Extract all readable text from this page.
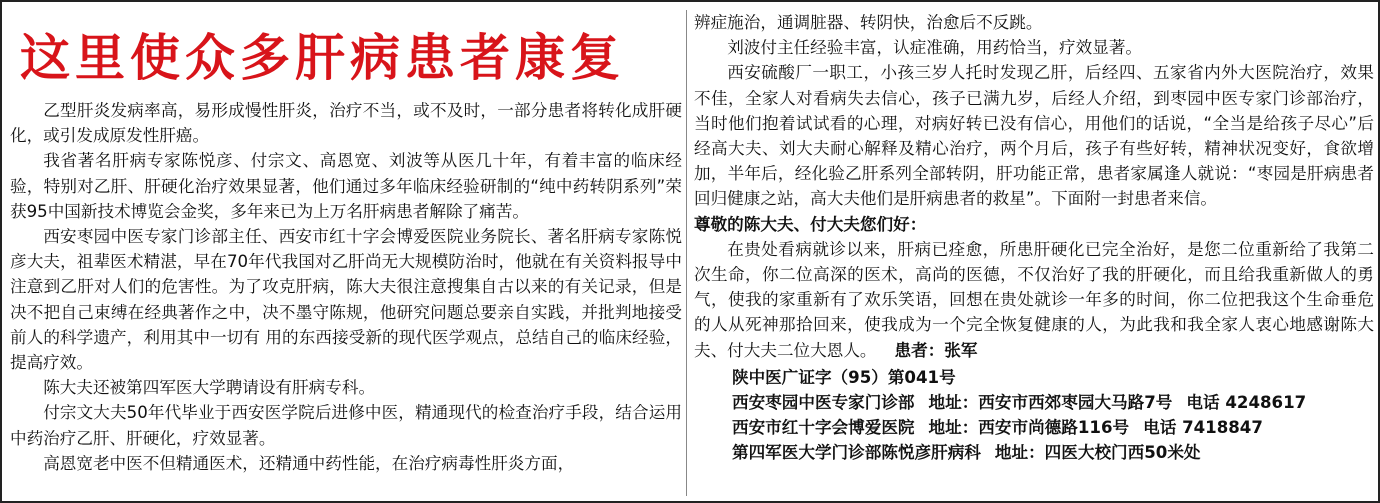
这里使众多肝病患者康复

乙型肝炎发病率高，易形成慢性肝炎，治疗不当，或不及时，一部分患者将转化成肝硬化，或引发成原发性肝癌。

我省著名肝病专家陈悦彦、付宗文、高恩宽、刘波等从医几十年，有着丰富的临床经验，特别对乙肝、肝硬化治疗效果显著，他们通过多年临床经验研制的“纯中药转阴系列”荣获95中国新技术博览会金奖，多年来已为上万名肝病患者解除了痛苦。

西安枣园中医专家门诊部主任、西安市红十字会博爱医院业务院长、著名肝病专家陈悦彦大夫，祖辈医术精湛，早在70年代我国对乙肝尚无大规模防治时，他就在有关资料报导中注意到乙肝对人们的危害性。为了攻克肝病，陈大夫很注意搜集自古以来的有关记录，但是决不把自己束缚在经典著作之中，决不墨守陈规，他研究问题总要亲自实践，并批判地接受前人的科学遗产，利用其中一切有 用的东西接受新的现代医学观点，总结自己的临床经验，提高疗效。

陈大夫还被第四军医大学聘请设有肝病专科。

付宗文大夫50年代毕业于西安医学院后进修中医，精通现代的检查治疗手段，结合运用中药治疗乙肝、肝硬化，疗效显著。

高恩宽老中医不但精通医术，还精通中药性能，在治疗病毒性肝炎方面，

辨症施治，通调脏器、转阴快，治愈后不反跳。

刘波付主任经验丰富，认症准确，用药恰当，疗效显著。

西安硫酸厂一职工，小孩三岁人托时发现乙肝，后经四、五家省内外大医院治疗，效果不佳，全家人对看病失去信心，孩子已满九岁，后经人介绍，到枣园中医专家门诊部治疗，当时他们抱着试试看的心理，对病好转已没有信心，用他们的话说，“全当是给孩子尽心”后经高大夫、刘大夫耐心解释及精心治疗，两个月后，孩子有些好转，精神状况变好，食欲增加，半年后，经化验乙肝系列全部转阴，肝功能正常，患者家属逢人就说：“枣园是肝病患者回归健康之站，高大夫他们是肝病患者的救星”。下面附一封患者来信。

尊敬的陈大夫、付大夫您们好：

在贵处看病就诊以来，肝病已痊愈，所患肝硬化已完全治好，是您二位重新给了我第二次生命，你二位高深的医术，高尚的医德，不仅治好了我的肝硬化，而且给我重新做人的勇气，使我的家重新有了欢乐笑语，回想在贵处就诊一年多的时间，你二位把我这个生命垂危的人从死神那拾回来，使我成为一个完全恢复健康的人，为此我和我全家人衷心地感谢陈大夫、付大夫二位大恩人。 患者：张军

陕中医广证字（95）第041号
西安枣园中医专家门诊部 地址：西安市西郊枣园大马路7号 电话 4248617
西安市红十字会博爱医院 地址：西安市尚德路116号 电话 7418847
第四军医大学门诊部陈悦彦肝病科 地址：四医大校门西50米处
